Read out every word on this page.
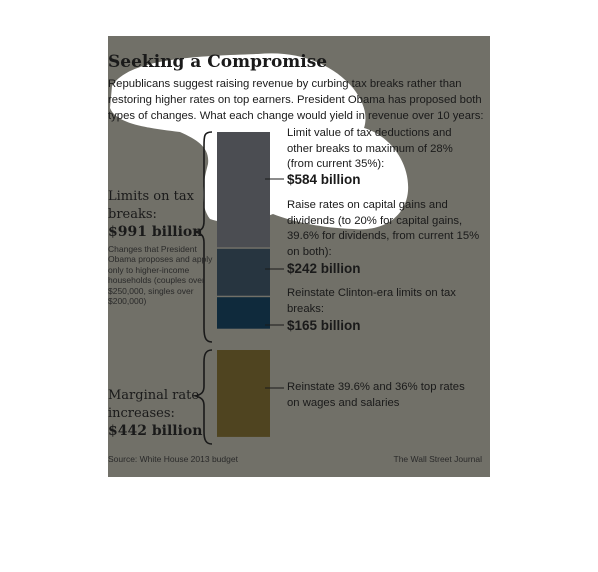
Seeking a Compromise
Republicans suggest raising revenue by curbing tax breaks rather than restoring higher rates on top earners. President Obama has proposed both types of changes. What each change would yield in revenue over 10 years:
Limits on tax
breaks:
$991 billion
Changes that President Obama proposes and apply only to higher-income households (couples over $250,000, singles over $200,000)
Marginal rate
increases:
$442 billion
Limit value of tax deductions and other breaks to maximum of 28% (from current 35%):
$584 billion
Raise rates on capital gains and dividends (to 20% for capital gains, 39.6% for dividends, from current 15% on both):
$242 billion
Reinstate Clinton-era limits on tax breaks:
$165 billion
Reinstate 39.6% and 36% top rates on wages and salaries
Source: White House 2013 budget	The Wall Street Journal
